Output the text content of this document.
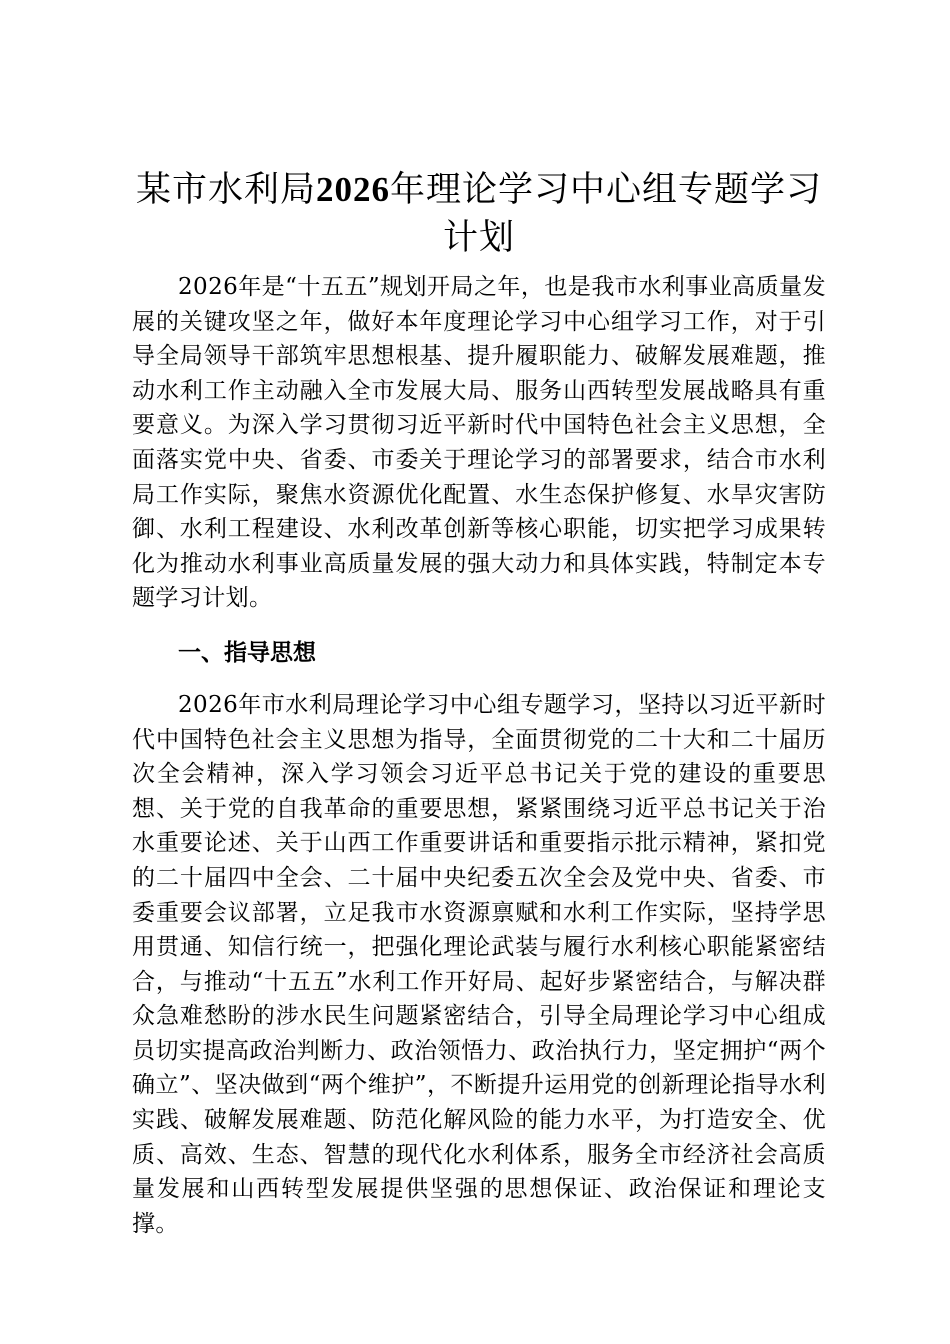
某市水利局2026年理论学习中心组专题学习
计划

2026年是“十五五”规划开局之年，也是我市水利事业高质量发展的关键攻坚之年，做好本年度理论学习中心组学习工作，对于引导全局领导干部筑牢思想根基、提升履职能力、破解发展难题，推动水利工作主动融入全市发展大局、服务山西转型发展战略具有重要意义。为深入学习贯彻习近平新时代中国特色社会主义思想，全面落实党中央、省委、市委关于理论学习的部署要求，结合市水利局工作实际，聚焦水资源优化配置、水生态保护修复、水旱灾害防御、水利工程建设、水利改革创新等核心职能，切实把学习成果转化为推动水利事业高质量发展的强大动力和具体实践，特制定本专题学习计划。

一、指导思想

2026年市水利局理论学习中心组专题学习，坚持以习近平新时代中国特色社会主义思想为指导，全面贯彻党的二十大和二十届历次全会精神，深入学习领会习近平总书记关于党的建设的重要思想、关于党的自我革命的重要思想，紧紧围绕习近平总书记关于治水重要论述、关于山西工作重要讲话和重要指示批示精神，紧扣党的二十届四中全会、二十届中央纪委五次全会及党中央、省委、市委重要会议部署，立足我市水资源禀赋和水利工作实际，坚持学思用贯通、知信行统一，把强化理论武装与履行水利核心职能紧密结合，与推动“十五五”水利工作开好局、起好步紧密结合，与解决群众急难愁盼的涉水民生问题紧密结合，引导全局理论学习中心组成员切实提高政治判断力、政治领悟力、政治执行力，坚定拥护“两个确立”、坚决做到“两个维护”，不断提升运用党的创新理论指导水利实践、破解发展难题、防范化解风险的能力水平，为打造安全、优质、高效、生态、智慧的现代化水利体系，服务全市经济社会高质量发展和山西转型发展提供坚强的思想保证、政治保证和理论支撑。
